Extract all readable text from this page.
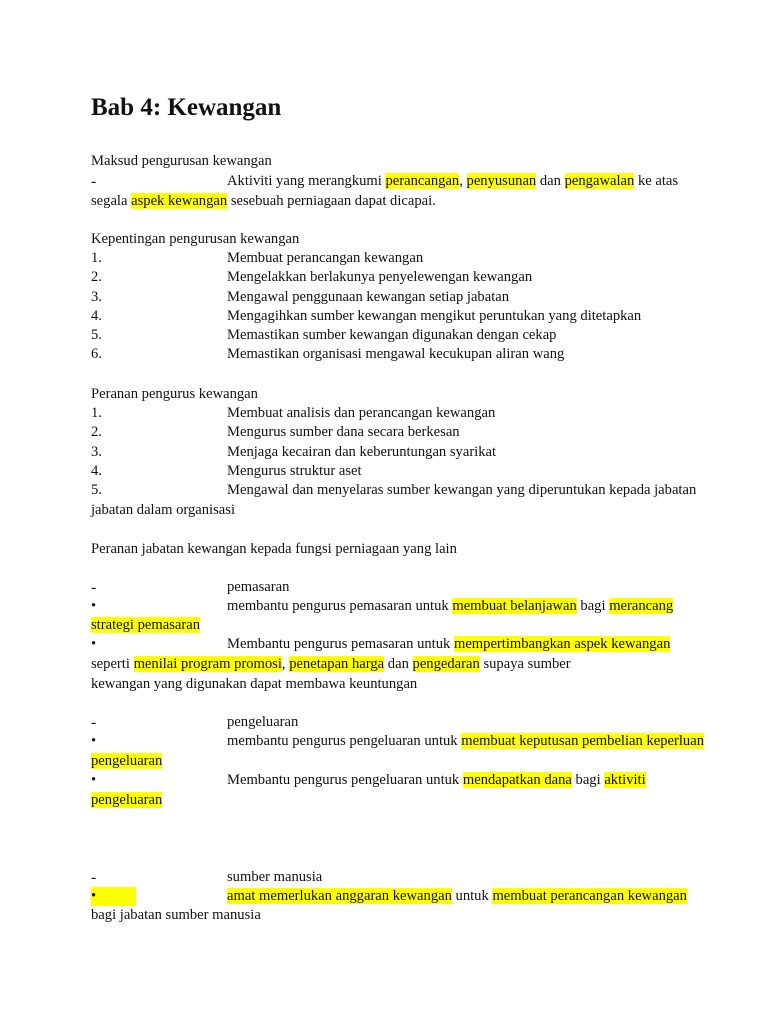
Bab 4: Kewangan
Maksud pengurusan kewangan
-	Aktiviti yang merangkumi perancangan, penyusunan dan pengawalan ke atas
segala aspek kewangan sesebuah perniagaan dapat dicapai.
Kepentingan pengurusan kewangan
1.	Membuat perancangan kewangan
2.	Mengelakkan berlakunya penyelewengan kewangan
3.	Mengawal penggunaan kewangan setiap jabatan
4.	Mengagihkan sumber kewangan mengikut peruntukan yang ditetapkan
5.	Memastikan sumber kewangan digunakan dengan cekap
6.	Memastikan organisasi mengawal kecukupan aliran wang
Peranan pengurus kewangan
1.	Membuat analisis dan perancangan kewangan
2.	Mengurus sumber dana secara berkesan
3.	Menjaga kecairan dan keberuntungan syarikat
4.	Mengurus struktur aset
5.	Mengawal dan menyelaras sumber kewangan yang diperuntukan kepada jabatan
jabatan dalam organisasi
Peranan jabatan kewangan kepada fungsi perniagaan yang lain
-	pemasaran
•	membantu pengurus pemasaran untuk membuat belanjawan bagi merancang
strategi pemasaran
•	Membantu pengurus pemasaran untuk mempertimbangkan aspek kewangan
seperti menilai program promosi, penetapan harga dan pengedaran supaya sumber
kewangan yang digunakan dapat membawa keuntungan
-	pengeluaran
•	membantu pengurus pengeluaran untuk membuat keputusan pembelian keperluan
pengeluaran
•	Membantu pengurus pengeluaran untuk mendapatkan dana bagi aktiviti
pengeluaran
-	sumber manusia
•	amat memerlukan anggaran kewangan untuk membuat perancangan kewangan
bagi jabatan sumber manusia
